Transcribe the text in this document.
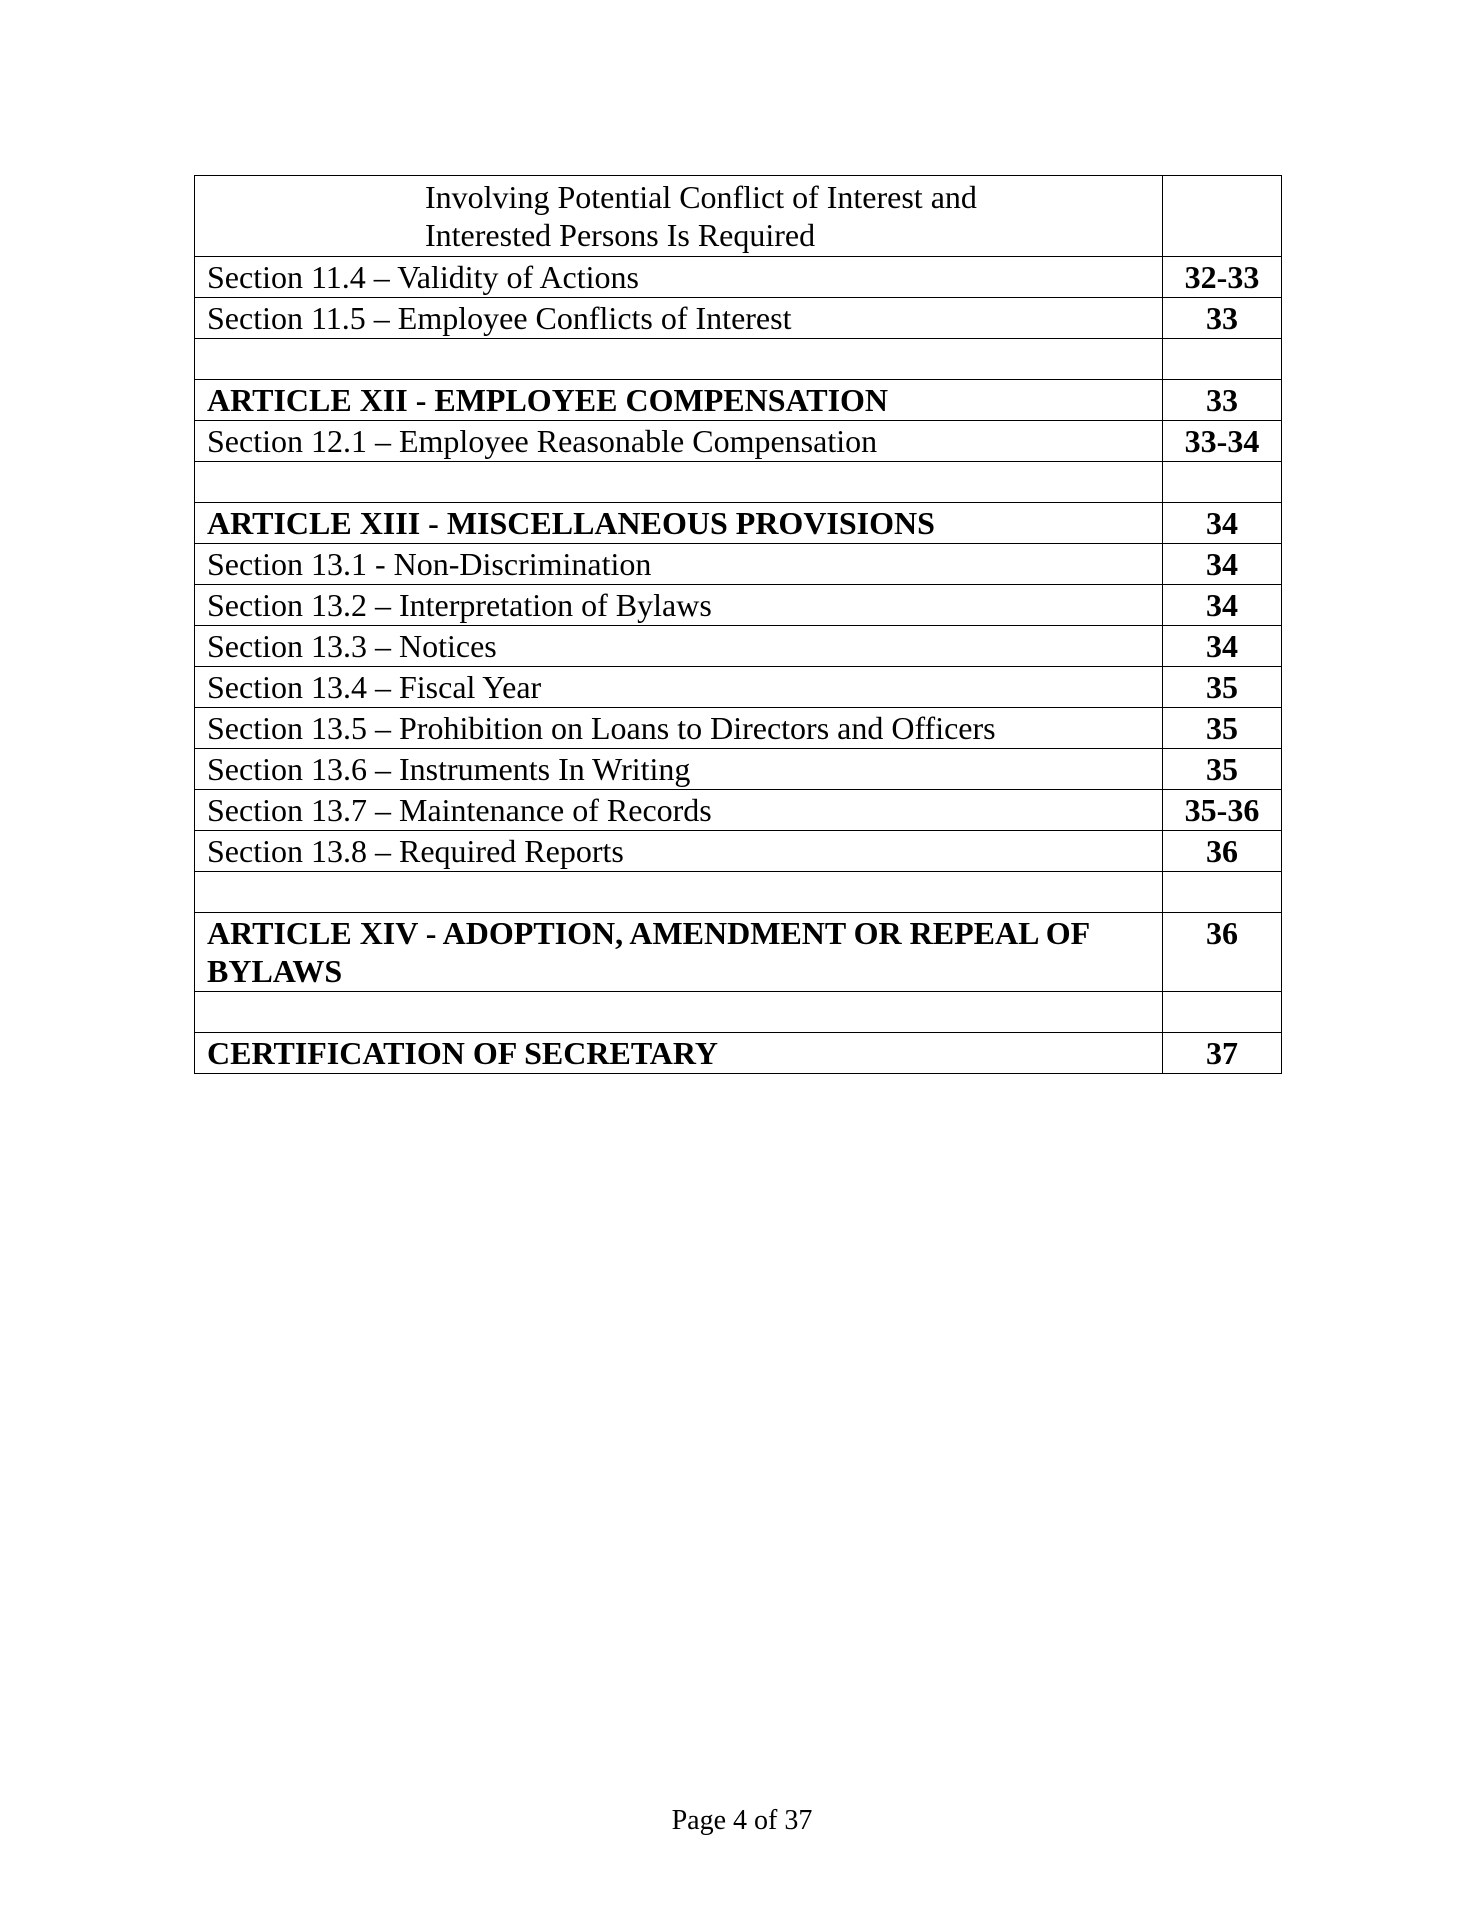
Involving Potential Conflict of Interest and
Interested Persons Is Required	

Section 11.4 – Validity of Actions	32-33
Section 11.5 – Employee Conflicts of Interest	33

ARTICLE XII - EMPLOYEE COMPENSATION	33
Section 12.1 – Employee Reasonable Compensation	33-34

ARTICLE XIII - MISCELLANEOUS PROVISIONS	34
Section 13.1 - Non-Discrimination	34
Section 13.2 – Interpretation of Bylaws	34
Section 13.3 – Notices	34
Section 13.4 – Fiscal Year	35
Section 13.5 – Prohibition on Loans to Directors and Officers	35
Section 13.6 – Instruments In Writing	35
Section 13.7 – Maintenance of Records	35-36
Section 13.8 – Required Reports	36

ARTICLE XIV - ADOPTION, AMENDMENT OR REPEAL OF BYLAWS	36

CERTIFICATION OF SECRETARY	37
Page 4 of 37
